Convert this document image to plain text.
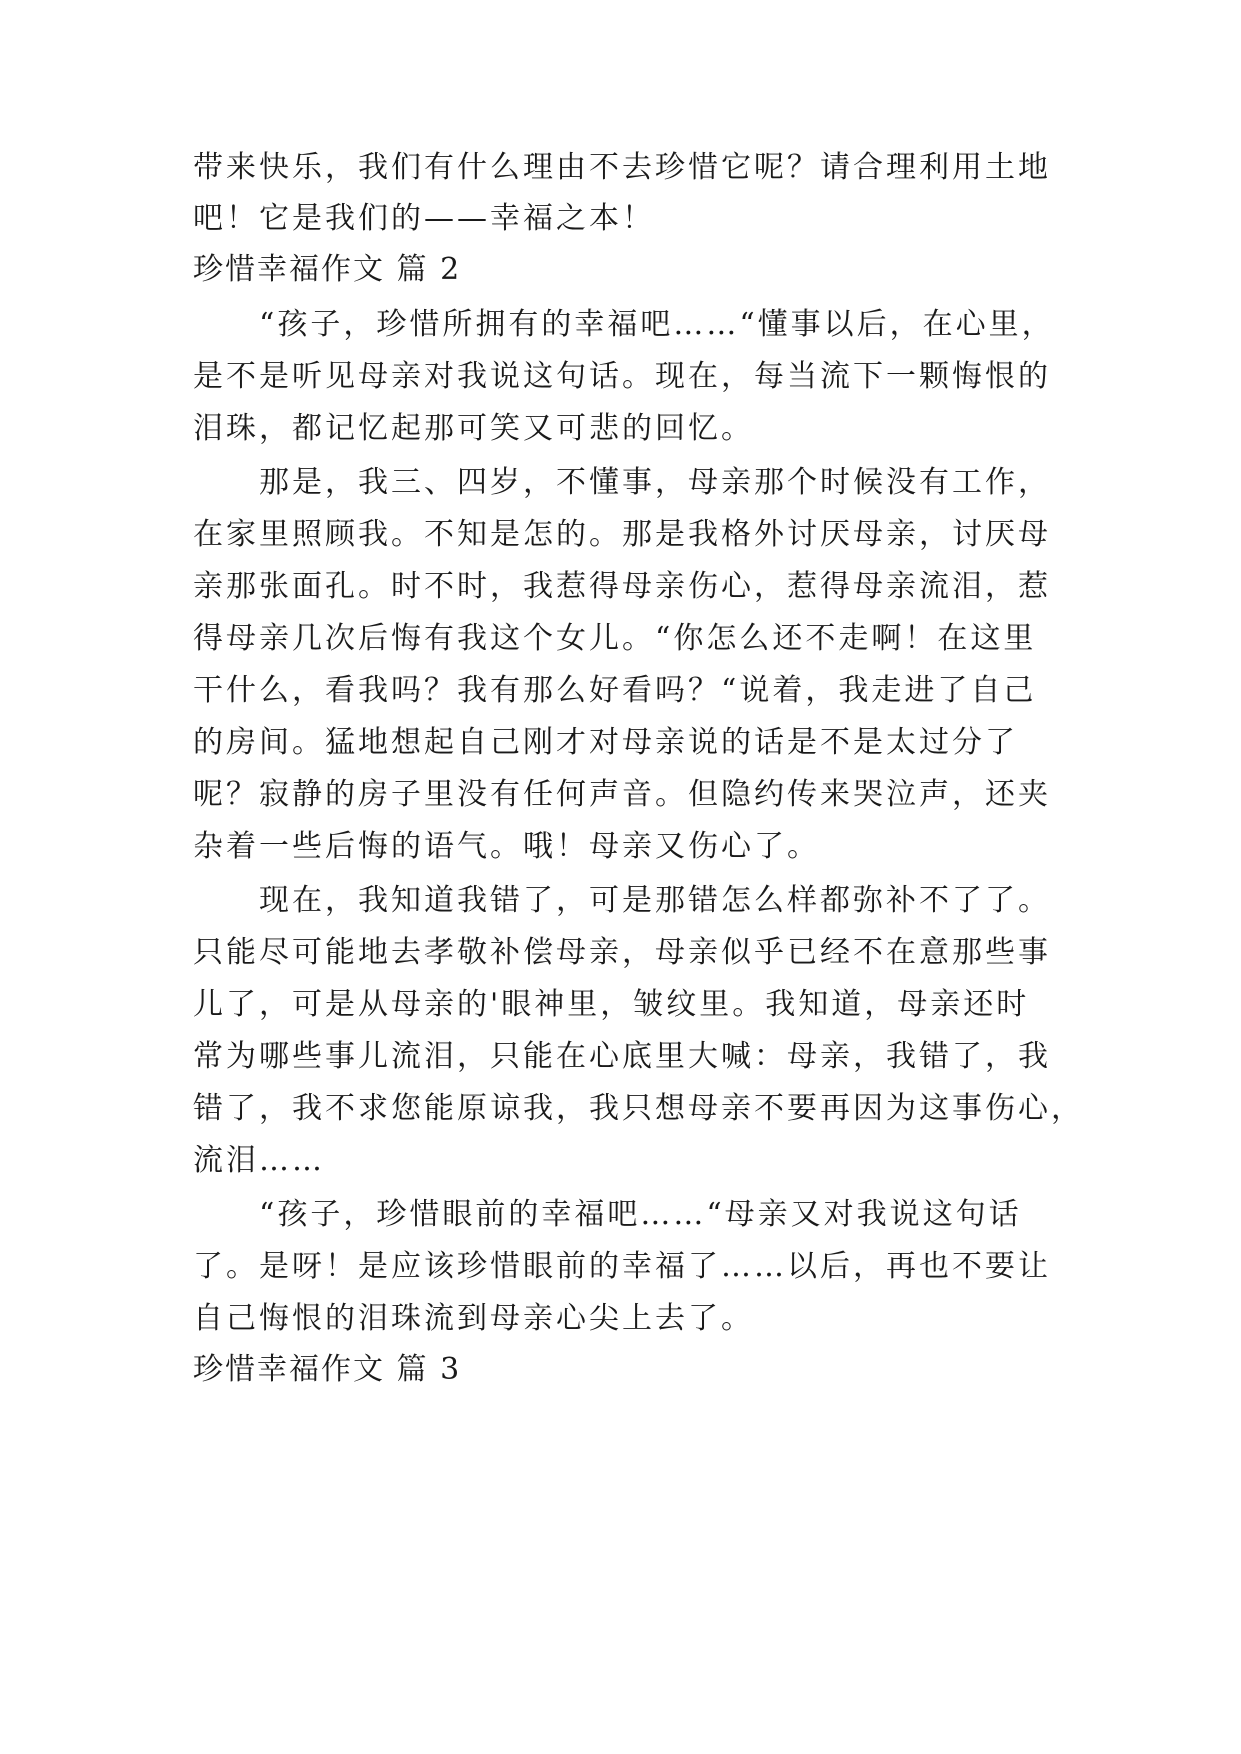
带来快乐，我们有什么理由不去珍惜它呢？请合理利用土地
吧！它是我们的——幸福之本！
珍惜幸福作文 篇 2
　　“孩子，珍惜所拥有的幸福吧……“懂事以后，在心里，
是不是听见母亲对我说这句话。现在，每当流下一颗悔恨的
泪珠，都记忆起那可笑又可悲的回忆。
　　那是，我三、四岁，不懂事，母亲那个时候没有工作，
在家里照顾我。不知是怎的。那是我格外讨厌母亲，讨厌母
亲那张面孔。时不时，我惹得母亲伤心，惹得母亲流泪，惹
得母亲几次后悔有我这个女儿。“你怎么还不走啊！在这里
干什么，看我吗？我有那么好看吗？“说着，我走进了自己
的房间。猛地想起自己刚才对母亲说的话是不是太过分了
呢？寂静的房子里没有任何声音。但隐约传来哭泣声，还夹
杂着一些后悔的语气。哦！母亲又伤心了。
　　现在，我知道我错了，可是那错怎么样都弥补不了了。
只能尽可能地去孝敬补偿母亲，母亲似乎已经不在意那些事
儿了，可是从母亲的'眼神里，皱纹里。我知道，母亲还时
常为哪些事儿流泪，只能在心底里大喊：母亲，我错了，我
错了，我不求您能原谅我，我只想母亲不要再因为这事伤心，
流泪……
　　“孩子，珍惜眼前的幸福吧……“母亲又对我说这句话
了。是呀！是应该珍惜眼前的幸福了……以后，再也不要让
自己悔恨的泪珠流到母亲心尖上去了。
珍惜幸福作文 篇 3
